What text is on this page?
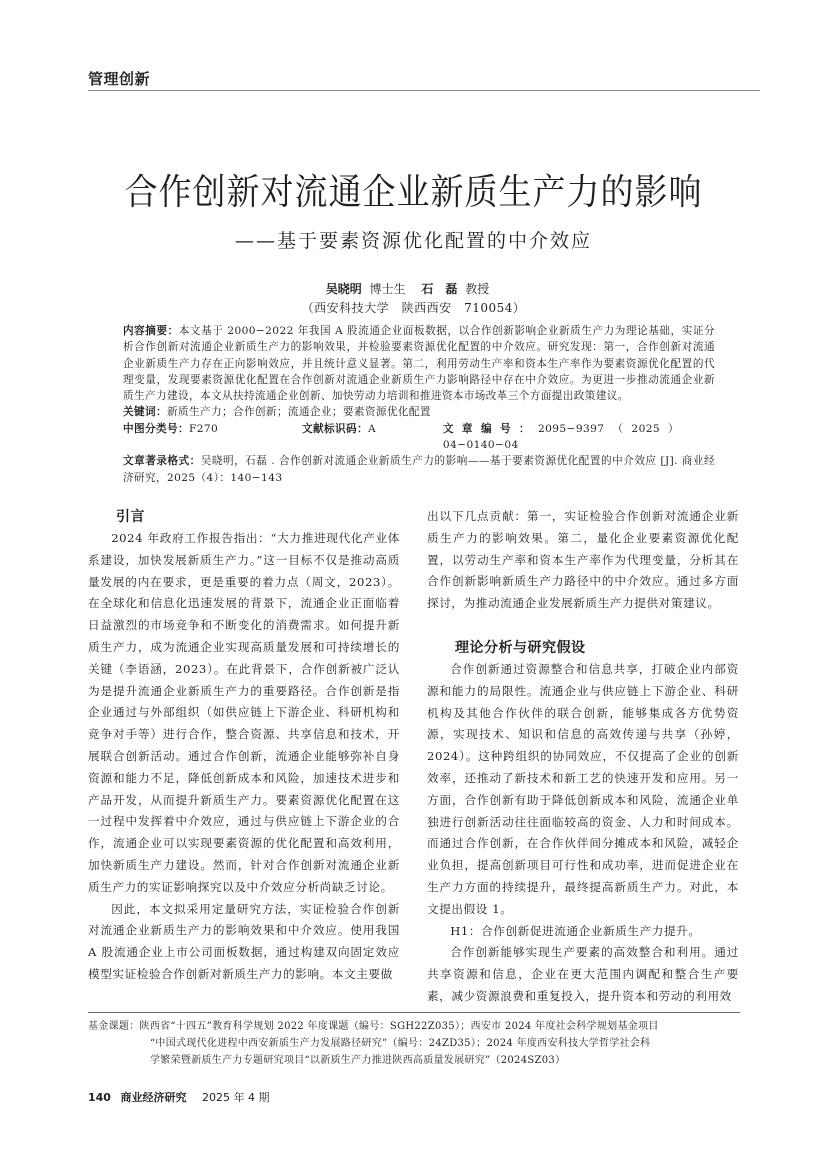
管理创新
合作创新对流通企业新质生产力的影响
——基于要素资源优化配置的中介效应
吴晓明 博士生 石　磊 教授
（西安科技大学　陕西西安　710054）
内容摘要：本文基于 2000−2022 年我国 A 股流通企业面板数据，以合作创新影响企业新质生产力为理论基础，实证分析合作创新对流通企业新质生产力的影响效果，并检验要素资源优化配置的中介效应。研究发现：第一，合作创新对流通企业新质生产力存在正向影响效应，并且统计意义显著。第二，利用劳动生产率和资本生产率作为要素资源优化配置的代理变量，发现要素资源优化配置在合作创新对流通企业新质生产力影响路径中存在中介效应。为更进一步推动流通企业新质生产力建设，本文从扶持流通企业创新、加快劳动力培训和推进资本市场改革三个方面提出政策建议。
关键词：新质生产力；合作创新；流通企业；要素资源优化配置
中图分类号：F270	文献标识码：A	文章编号：2095−9397（2025）04−0140−04
文章著录格式：吴晓明，石磊 . 合作创新对流通企业新质生产力的影响——基于要素资源优化配置的中介效应 [J]. 商业经济研究，2025（4）：140−143

引言

2024 年政府工作报告指出：“大力推进现代化产业体系建设，加快发展新质生产力。”这一目标不仅是推动高质量发展的内在要求，更是重要的着力点（周文，2023）。在全球化和信息化迅速发展的背景下，流通企业正面临着日益激烈的市场竞争和不断变化的消费需求。如何提升新质生产力，成为流通企业实现高质量发展和可持续增长的关键（李语涵，2023）。在此背景下，合作创新被广泛认为是提升流通企业新质生产力的重要路径。合作创新是指企业通过与外部组织（如供应链上下游企业、科研机构和竞争对手等）进行合作，整合资源、共享信息和技术，开展联合创新活动。通过合作创新，流通企业能够弥补自身资源和能力不足，降低创新成本和风险，加速技术进步和产品开发，从而提升新质生产力。要素资源优化配置在这一过程中发挥着中介效应，通过与供应链上下游企业的合作，流通企业可以实现要素资源的优化配置和高效利用，加快新质生产力建设。然而，针对合作创新对流通企业新质生产力的实证影响探究以及中介效应分析尚缺乏讨论。

因此，本文拟采用定量研究方法，实证检验合作创新对流通企业新质生产力的影响效果和中介效应。使用我国 A 股流通企业上市公司面板数据，通过构建双向固定效应模型实证检验合作创新对新质生产力的影响。本文主要做

出以下几点贡献：第一，实证检验合作创新对流通企业新质生产力的影响效果。第二，量化企业要素资源优化配置，以劳动生产率和资本生产率作为代理变量，分析其在合作创新影响新质生产力路径中的中介效应。通过多方面探讨，为推动流通企业发展新质生产力提供对策建议。

理论分析与研究假设

合作创新通过资源整合和信息共享，打破企业内部资源和能力的局限性。流通企业与供应链上下游企业、科研机构及其他合作伙伴的联合创新，能够集成各方优势资源，实现技术、知识和信息的高效传递与共享（孙婷，2024）。这种跨组织的协同效应，不仅提高了企业的创新效率，还推动了新技术和新工艺的快速开发和应用。另一方面，合作创新有助于降低创新成本和风险，流通企业单独进行创新活动往往面临较高的资金、人力和时间成本。而通过合作创新，在合作伙伴间分摊成本和风险，减轻企业负担，提高创新项目可行性和成功率，进而促进企业在生产力方面的持续提升，最终提高新质生产力。对此，本文提出假设 1。

H1：合作创新促进流通企业新质生产力提升。

合作创新能够实现生产要素的高效整合和利用。通过共享资源和信息，企业在更大范围内调配和整合生产要素，减少资源浪费和重复投入，提升资本和劳动的利用效

基金课题：陕西省“十四五”教育科学规划 2022 年度课题（编号：SGH22Z035）；西安市 2024 年度社会科学规划基金项目
“中国式现代化进程中西安新质生产力发展路径研究”（编号：24ZD35）；2024 年度西安科技大学哲学社会科
学繁荣暨新质生产力专题研究项目“以新质生产力推进陕西高质量发展研究”（2024SZ03）
140 商业经济研究 2025 年 4 期
